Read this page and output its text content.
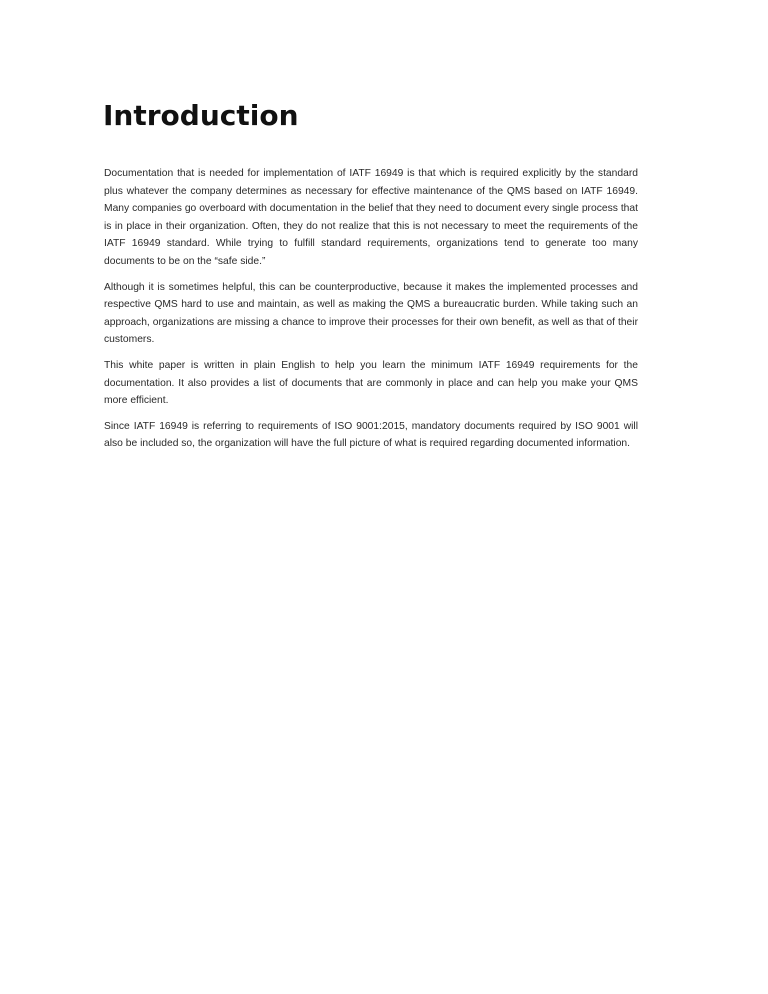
Introduction

Documentation that is needed for implementation of IATF 16949 is that which is required explicitly by the standard plus whatever the company determines as necessary for effective maintenance of the QMS based on IATF 16949. Many companies go overboard with documentation in the belief that they need to document every single process that is in place in their organization. Often, they do not realize that this is not necessary to meet the requirements of the IATF 16949 standard. While trying to fulfill standard requirements, organizations tend to generate too many documents to be on the “safe side.”

Although it is sometimes helpful, this can be counterproductive, because it makes the implemented processes and respective QMS hard to use and maintain, as well as making the QMS a bureaucratic burden. While taking such an approach, organizations are missing a chance to improve their processes for their own benefit, as well as that of their customers.

This white paper is written in plain English to help you learn the minimum IATF 16949 requirements for the documentation. It also provides a list of documents that are commonly in place and can help you make your QMS more efficient.

Since IATF 16949 is referring to requirements of ISO 9001:2015, mandatory documents required by ISO 9001 will also be included so, the organization will have the full picture of what is required regarding documented information.
